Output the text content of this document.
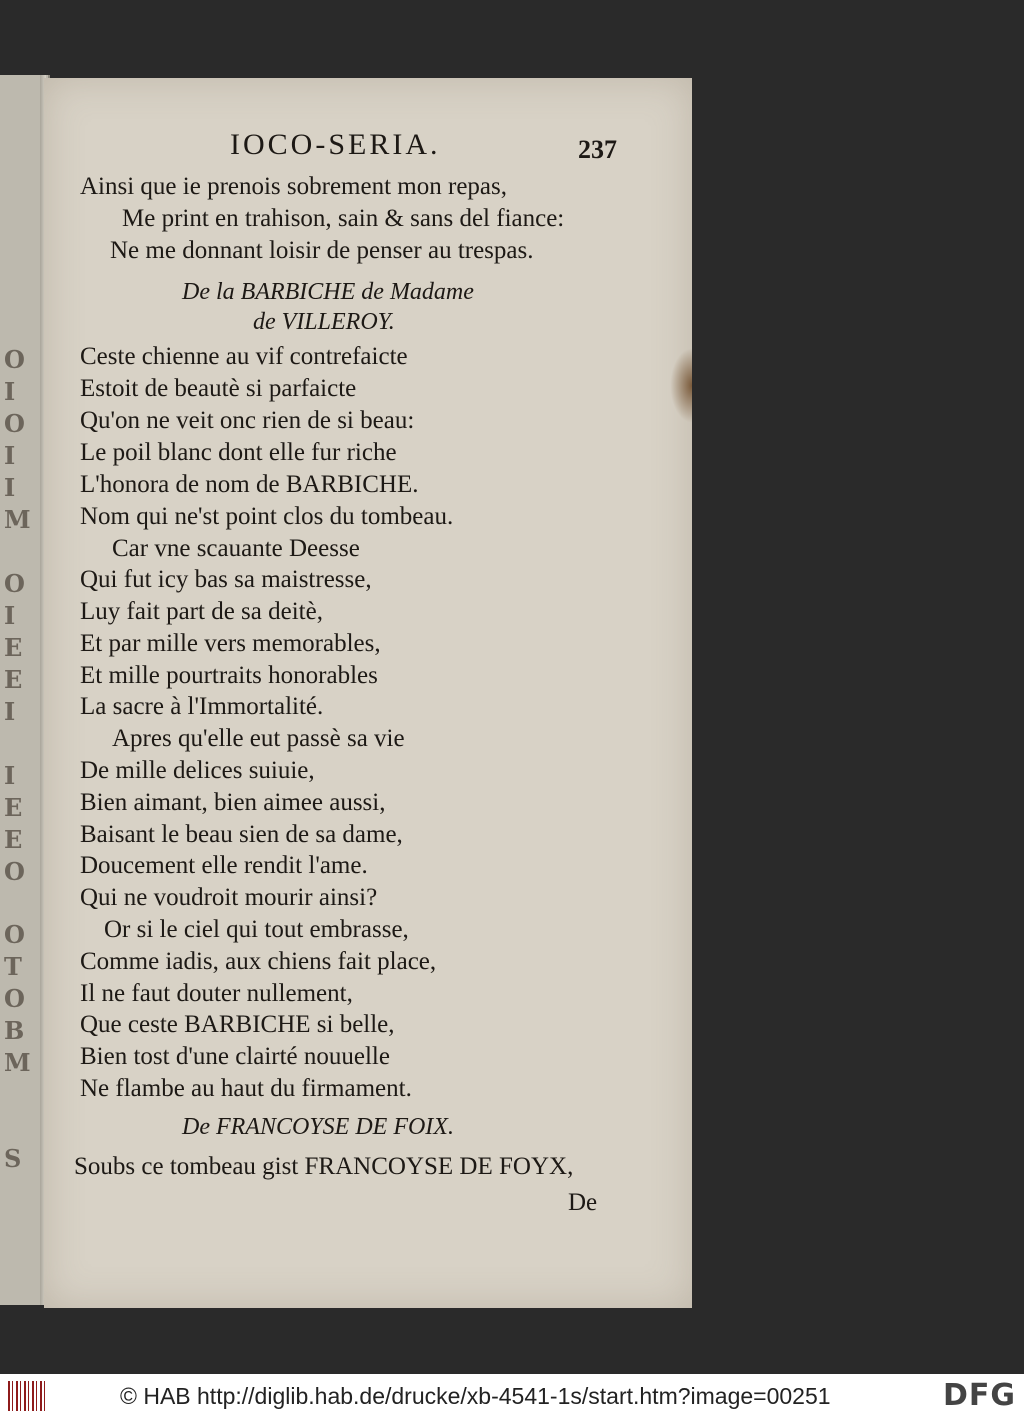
O
I
O
I
I
M
O
I
E
E
I
I
E
E
O
O
T
O
B
M
S
IOCO-SERIA.	237
Ainsi que ie prenois sobrement mon repas,
Me print en trahison, sain & sans del fiance:
Ne me donnant loisir de penser au trespas.
De la BARBICHE de Madame
de VILLEROY.
Ceste chienne au vif contrefaicte
Estoit de beautè si parfaicte
Qu'on ne veit onc rien de si beau:
Le poil blanc dont elle fur riche
L'honora de nom de BARBICHE.
Nom qui ne'st point clos du tombeau.
Car vne scauante Deesse
Qui fut icy bas sa maistresse,
Luy fait part de sa deitè,
Et par mille vers memorables,
Et mille pourtraits honorables
La sacre à l'Immortalité.
Apres qu'elle eut passè sa vie
De mille delices suiuie,
Bien aimant, bien aimee aussi,
Baisant le beau sien de sa dame,
Doucement elle rendit l'ame.
Qui ne voudroit mourir ainsi?
Or si le ciel qui tout embrasse,
Comme iadis, aux chiens fait place,
Il ne faut douter nullement,
Que ceste BARBICHE si belle,
Bien tost d'une clairté nouuelle
Ne flambe au haut du firmament.
De FRANCOYSE DE FOIX.
Soubs ce tombeau gist FRANCOYSE DE FOYX,
De
© HAB http://diglib.hab.de/drucke/xb-4541-1s/start.htm?image=00251	DFG
